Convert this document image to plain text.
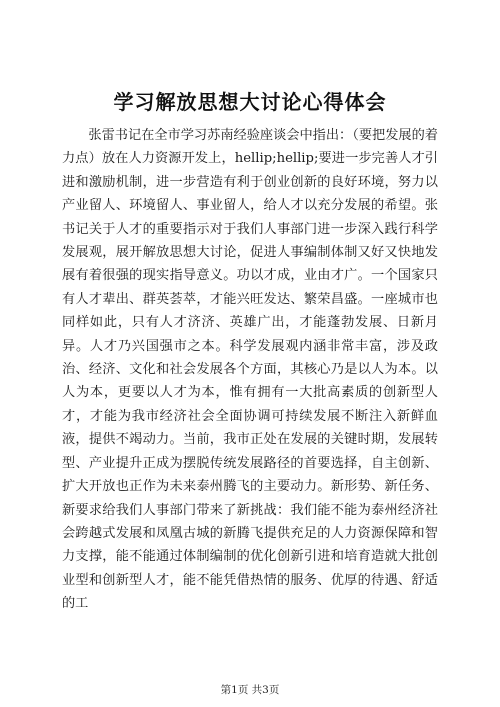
学习解放思想大讨论心得体会

张雷书记在全市学习苏南经验座谈会中指出：（要把发展的着力点）放在人力资源开发上，hellip;hellip;要进一步完善人才引进和激励机制，进一步营造有利于创业创新的良好环境，努力以产业留人、环境留人、事业留人，给人才以充分发展的希望。张书记关于人才的重要指示对于我们人事部门进一步深入践行科学发展观，展开解放思想大讨论，促进人事编制体制又好又快地发展有着很强的现实指导意义。功以才成，业由才广。一个国家只有人才辈出、群英荟萃，才能兴旺发达、繁荣昌盛。一座城市也同样如此，只有人才济济、英雄广出，才能蓬勃发展、日新月异。人才乃兴国强市之本。科学发展观内涵非常丰富，涉及政治、经济、文化和社会发展各个方面，其核心乃是以人为本。以人为本，更要以人才为本，惟有拥有一大批高素质的创新型人才，才能为我市经济社会全面协调可持续发展不断注入新鲜血液，提供不竭动力。当前，我市正处在发展的关键时期，发展转型、产业提升正成为摆脱传统发展路径的首要选择，自主创新、扩大开放也正作为未来泰州腾飞的主要动力。新形势、新任务、新要求给我们人事部门带来了新挑战：我们能不能为泰州经济社会跨越式发展和凤凰古城的新腾飞提供充足的人力资源保障和智力支撑，能不能通过体制编制的优化创新引进和培育造就大批创业型和创新型人才，能不能凭借热情的服务、优厚的待遇、舒适的工

第1页 共3页
